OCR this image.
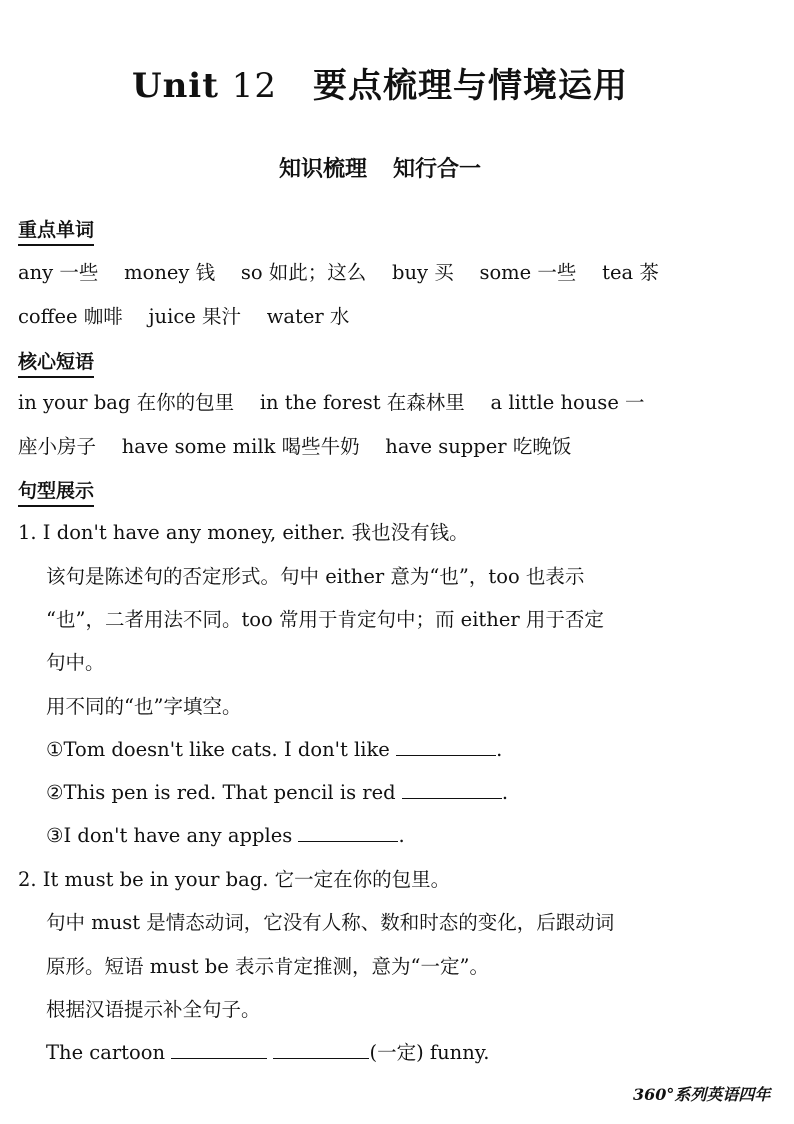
Unit 12 要点梳理与情境运用
知识梳理 知行合一
重点单词
any 一些　 money 钱　 so 如此；这么　 buy 买　 some 一些　 tea 茶
coffee 咖啡　 juice 果汁　 water 水
核心短语
in your bag 在你的包里　 in the forest 在森林里　 a little house 一
座小房子　 have some milk 喝些牛奶　 have supper 吃晚饭
句型展示
1. I don't have any money, either. 我也没有钱。
该句是陈述句的否定形式。句中 either 意为“也”，too 也表示
“也”，二者用法不同。too 常用于肯定句中；而 either 用于否定
句中。
用不同的“也”字填空。
①Tom doesn't like cats. I don't like	.
②This pen is red. That pencil is red	.
③I don't have any apples	.
2. It must be in your bag. 它一定在你的包里。
句中 must 是情态动词，它没有人称、数和时态的变化，后跟动词
原形。短语 must be 表示肯定推测，意为“一定”。
根据汉语提示补全句子。
The cartoon	(一定) funny.
360°系列英语四年
